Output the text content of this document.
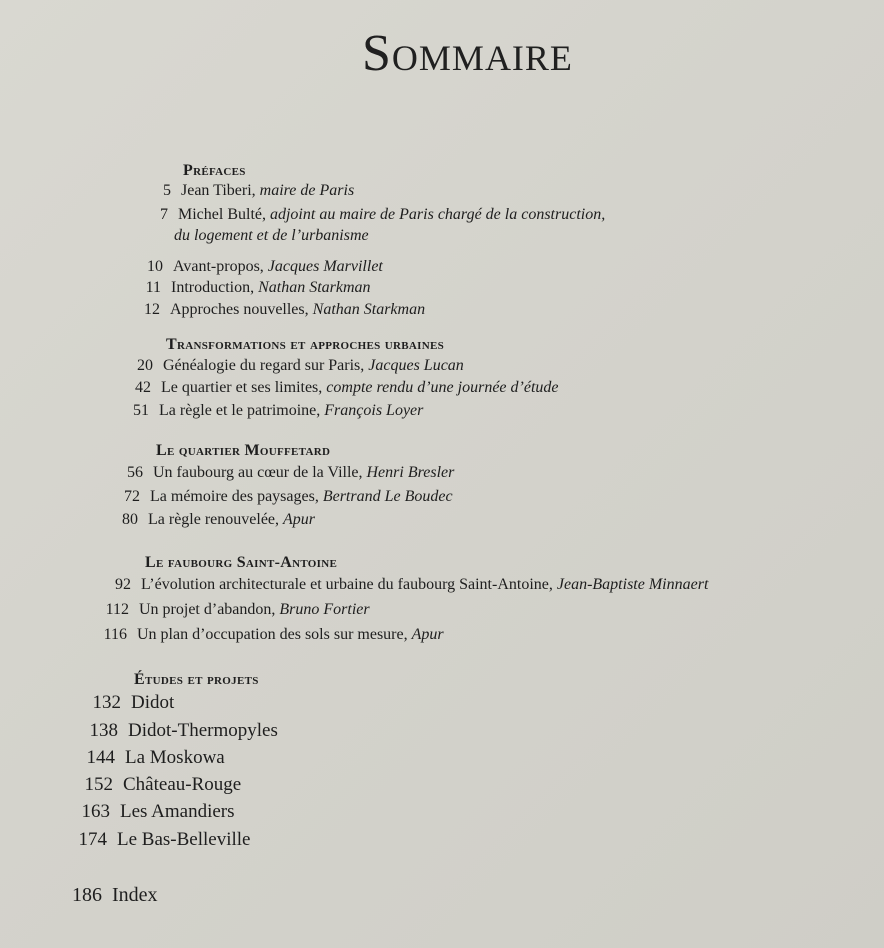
Sommaire
Préfaces
5 Jean Tiberi, maire de Paris
7 Michel Bulté, adjoint au maire de Paris chargé de la construction,
du logement et de l’urbanisme
10 Avant-propos, Jacques Marvillet
11 Introduction, Nathan Starkman
12 Approches nouvelles, Nathan Starkman
Transformations et approches urbaines
20 Généalogie du regard sur Paris, Jacques Lucan
42 Le quartier et ses limites, compte rendu d’une journée d’étude
51 La règle et le patrimoine, François Loyer
Le quartier Mouffetard
56 Un faubourg au cœur de la Ville, Henri Bresler
72 La mémoire des paysages, Bertrand Le Boudec
80 La règle renouvelée, Apur
Le faubourg Saint-Antoine
92 L’évolution architecturale et urbaine du faubourg Saint-Antoine, Jean-Baptiste Minnaert
112 Un projet d’abandon, Bruno Fortier
116 Un plan d’occupation des sols sur mesure, Apur
Études et projets
132 Didot
138 Didot-Thermopyles
144 La Moskowa
152 Château-Rouge
163 Les Amandiers
174 Le Bas-Belleville
186 Index
